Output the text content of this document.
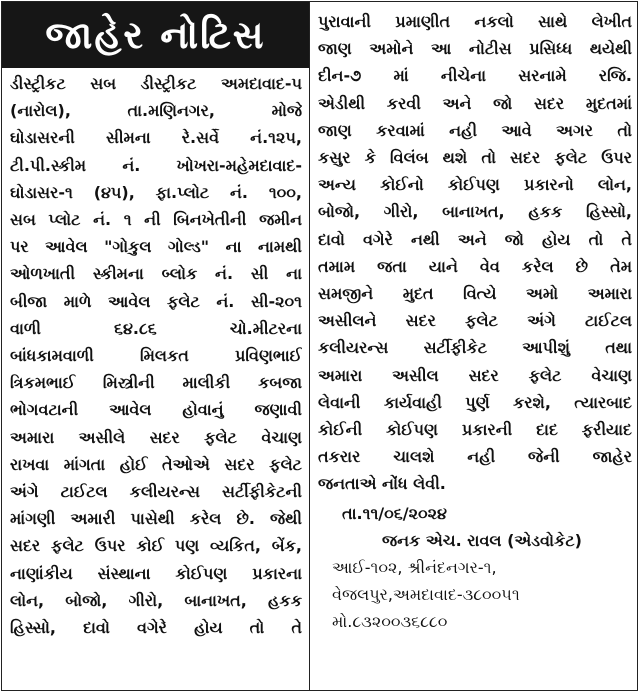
જાહેર નોટિસ
ડીસ્ટ્રીકટ સબ ડીસ્ટ્રીકટ અમદાવાદ-૫
(નારોલ), તા.મણિનગર, મોજે
ઘોડાસરની સીમના રે.સર્વે નં.૧૨૫,
ટી.પી.સ્કીમ નં. ખોખરા-મહેમદાવાદ-
ઘોડાસર-૧ (૪૫), ફા.પ્લોટ નં. ૧૦૦,
સબ પ્લોટ નં. ૧ ની બિનખેતીની જમીન
પર આવેલ "ગોકુલ ગોલ્ડ" ના નામથી
ઓળખાતી સ્કીમના બ્લોક નં. સી ના
બીજા માળે આવેલ ફલેટ નં. સી-૨૦૧
વાળી ૬૪.૮૬ ચો.મીટરના
બાંધકામવાળી મિલકત પ્રવિણભાઈ
ત્રિકમભાઈ મિસ્ત્રીની માલીકી કબજા
ભોગવટાની આવેલ હોવાનું જણાવી
અમારા અસીલે સદર ફલેટ વેચાણ
રાખવા માંગતા હોઈ તેઓએ સદર ફલેટ
અંગે ટાઈટલ કલીયરન્સ સર્ટીફીકેટની
માંગણી અમારી પાસેથી કરેલ છે. જેથી
સદર ફલેટ ઉપર કોઈ પણ વ્યકિત, બેંક,
નાણાંકીય સંસ્થાના કોઈપણ પ્રકારના
લોન, બોજો, ગીરો, બાનાખત, હકક
હિસ્સો, દાવો વગેરે હોય તો તે
પુરાવાની પ્રમાણીત નકલો સાથે લેખીત
જાણ અમોને આ નોટીસ પ્રસિધ્ધ થયેથી
દીન-૭ માં નીચેના સરનામે રજિ.
એડીથી કરવી અને જો સદર મુદતમાં
જાણ કરવામાં નહી આવે અગર તો
કસુર કે વિલંબ થશે તો સદર ફલેટ ઉપર
અન્ય કોઈનો કોઈપણ પ્રકારનો લોન,
બોજો, ગીરો, બાનાખત, હકક હિસ્સો,
દાવો વગેરે નથી અને જો હોય તો તે
તમામ જતા યાને વેવ કરેલ છે તેમ
સમજીને મુદત વિત્યે અમો અમારા
અસીલને સદર ફલેટ અંગે ટાઈટલ
કલીયરન્સ સર્ટીફીકેટ આપીશું તથા
અમારા અસીલ સદર ફલેટ વેચાણ
લેવાની કાર્યવાહી પુર્ણ કરશે, ત્યારબાદ
કોઈની કોઈપણ પ્રકારની દાદ ફરીયાદ
તકરાર ચાલશે નહી જેની જાહેર
જનતાએ નોંધ લેવી.
તા.૧૧/૦૬/૨૦૨૪
જનક એચ. રાવલ (એડવોકેટ)
આઈ-૧૦૨, શ્રીનંદનગર-૧,
વેજલપુર,અમદાવાદ-૩૮૦૦૫૧
મો.૮૩૨૦૦૩૬૮૮૦
